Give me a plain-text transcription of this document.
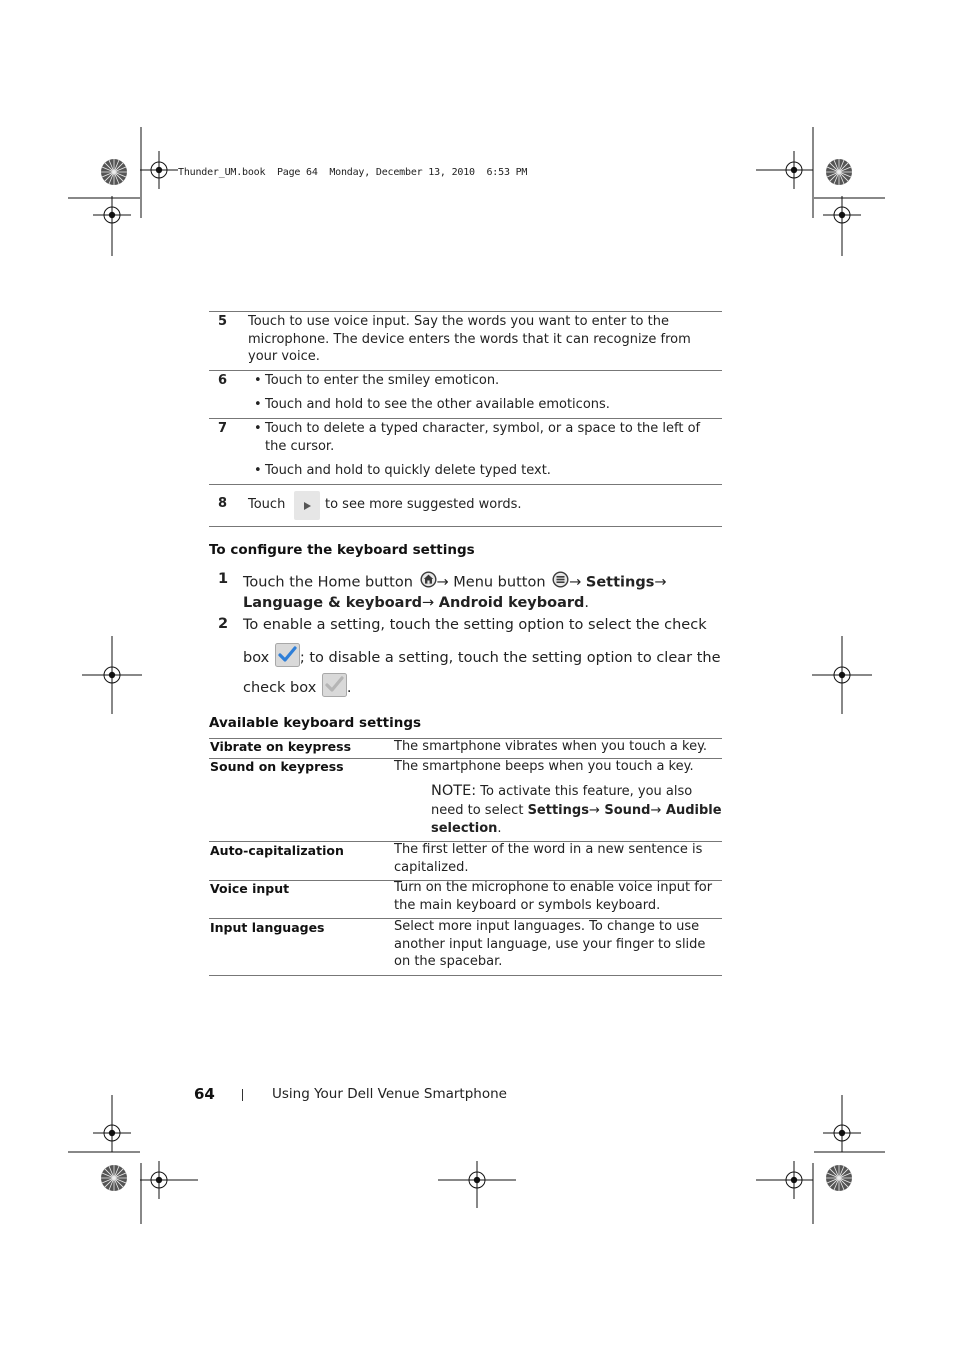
Thunder_UM.book  Page 64  Monday, December 13, 2010  6:53 PM
5 Touch to use voice input. Say the words you want to enter to the
microphone. The device enters the words that it can recognize from
your voice.
6 • Touch to enter the smiley emoticon.
• Touch and hold to see the other available emoticons.
7 • Touch to delete a typed character, symbol, or a space to the left of
the cursor.
• Touch and hold to quickly delete typed text.
8 Touch	to see more suggested words.
To configure the keyboard settings
1 Touch the Home button → Menu button → Settings→
Language & keyboard→ Android keyboard.
2 To enable a setting, touch the setting option to select the check
box ; to disable a setting, touch the setting option to clear the
check box .
Available keyboard settings
Vibrate on keypress	The smartphone vibrates when you touch a key.
Sound on keypress	The smartphone beeps when you touch a key.
NOTE: To activate this feature, you also
need to select Settings→ Sound→ Audible
selection.
Auto-capitalization	The first letter of the word in a new sentence is
capitalized.
Voice input	Turn on the microphone to enable voice input for
the main keyboard or symbols keyboard.
Input languages	Select more input languages. To change to use
another input language, use your finger to slide
on the spacebar.
64	Using Your Dell Venue Smartphone
